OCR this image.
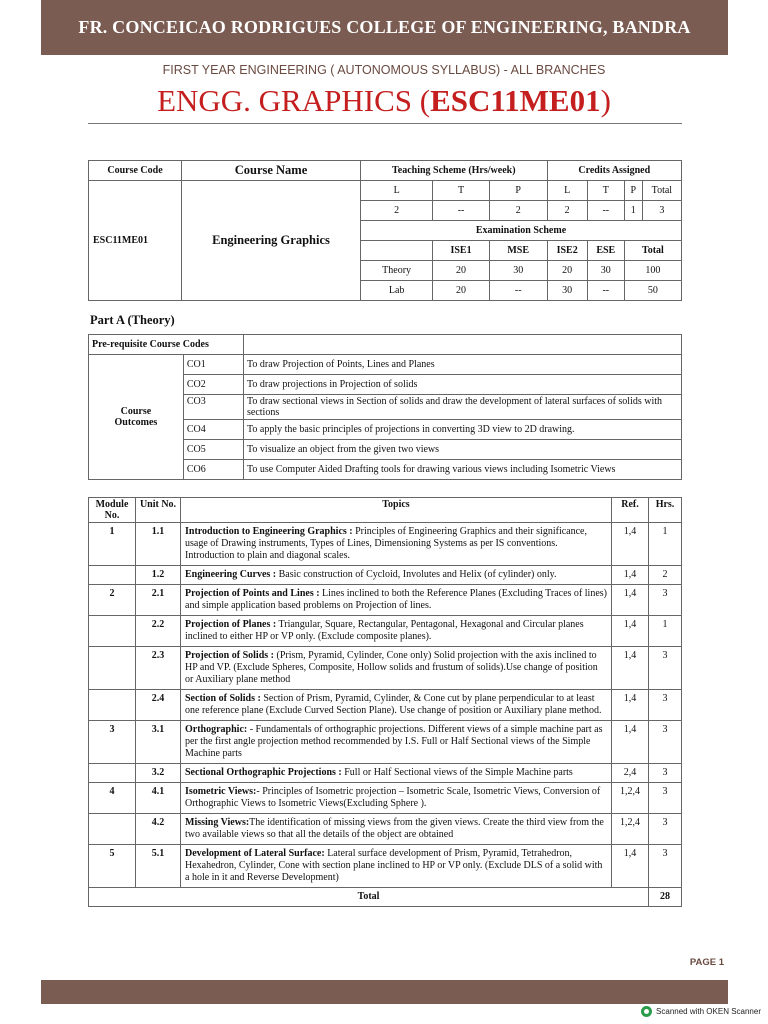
FR. CONCEICAO RODRIGUES COLLEGE OF ENGINEERING, BANDRA
FIRST YEAR ENGINEERING ( AUTONOMOUS SYLLABUS) - ALL BRANCHES
ENGG. GRAPHICS (ESC11ME01)
Course Code	Course Name	Teaching Scheme (Hrs/week)			Credits Assigned			
ESC11ME01	Engineering Graphics	L	T	P	L	T	P	Total
		2	--	2	2	--	1	3
		Examination Scheme						
			ISE1	MSE	ISE2	ESE	Total	
		Theory	20	30	20	30	100	
		Lab	20	--	30	--	50	
Part A (Theory)
Pre-requisite Course Codes		
Course
Outcomes	CO1	To draw Projection of Points, Lines and Planes
	CO2	To draw projections in Projection of solids
	CO3	To draw sectional views in Section of solids and draw the development of lateral surfaces of solids with sections
	CO4	To apply the basic principles of projections in converting 3D view to 2D drawing.
	CO5	To visualize an object from the given two views
	CO6	To use Computer Aided Drafting tools for drawing various views including Isometric Views
Module No.	Unit No.	Topics	Ref.	Hrs.
1	1.1	Introduction to Engineering Graphics : Principles of Engineering Graphics and their significance, usage of Drawing instruments, Types of Lines, Dimensioning Systems as per IS conventions. Introduction to plain and diagonal scales.	1,4	1
	1.2	Engineering Curves : Basic construction of Cycloid, Involutes and Helix (of cylinder) only.	1,4	2
2	2.1	Projection of Points and Lines : Lines inclined to both the Reference Planes (Excluding Traces of lines) and simple application based problems on Projection of lines.	1,4	3
	2.2	Projection of Planes : Triangular, Square, Rectangular, Pentagonal, Hexagonal and Circular planes inclined to either HP or VP only. (Exclude composite planes).	1,4	1
	2.3	Projection of Solids : (Prism, Pyramid, Cylinder, Cone only) Solid projection with the axis inclined to HP and VP. (Exclude Spheres, Composite, Hollow solids and frustum of solids).Use change of position or Auxiliary plane method	1,4	3
	2.4	Section of Solids : Section of Prism, Pyramid, Cylinder, & Cone cut by plane perpendicular to at least one reference plane (Exclude Curved Section Plane). Use change of position or Auxiliary plane method.	1,4	3
3	3.1	Orthographic: - Fundamentals of orthographic projections. Different views of a simple machine part as per the first angle projection method recommended by I.S. Full or Half Sectional views of the Simple Machine parts	1,4	3
	3.2	Sectional Orthographic Projections : Full or Half Sectional views of the Simple Machine parts	2,4	3
4	4.1	Isometric Views:- Principles of Isometric projection – Isometric Scale, Isometric Views, Conversion of Orthographic Views to Isometric Views(Excluding Sphere ).	1,2,4	3
	4.2	Missing Views:The identification of missing views from the given views. Create the third view from the two available views so that all the details of the object are obtained	1,2,4	3
5	5.1	Development of Lateral Surface: Lateral surface development of Prism, Pyramid, Tetrahedron, Hexahedron, Cylinder, Cone with section plane inclined to HP or VP only. (Exclude DLS of a solid with a hole in it and Reverse Development)	1,4	3
Total				28
PAGE 1
Scanned with OKEN Scanner
